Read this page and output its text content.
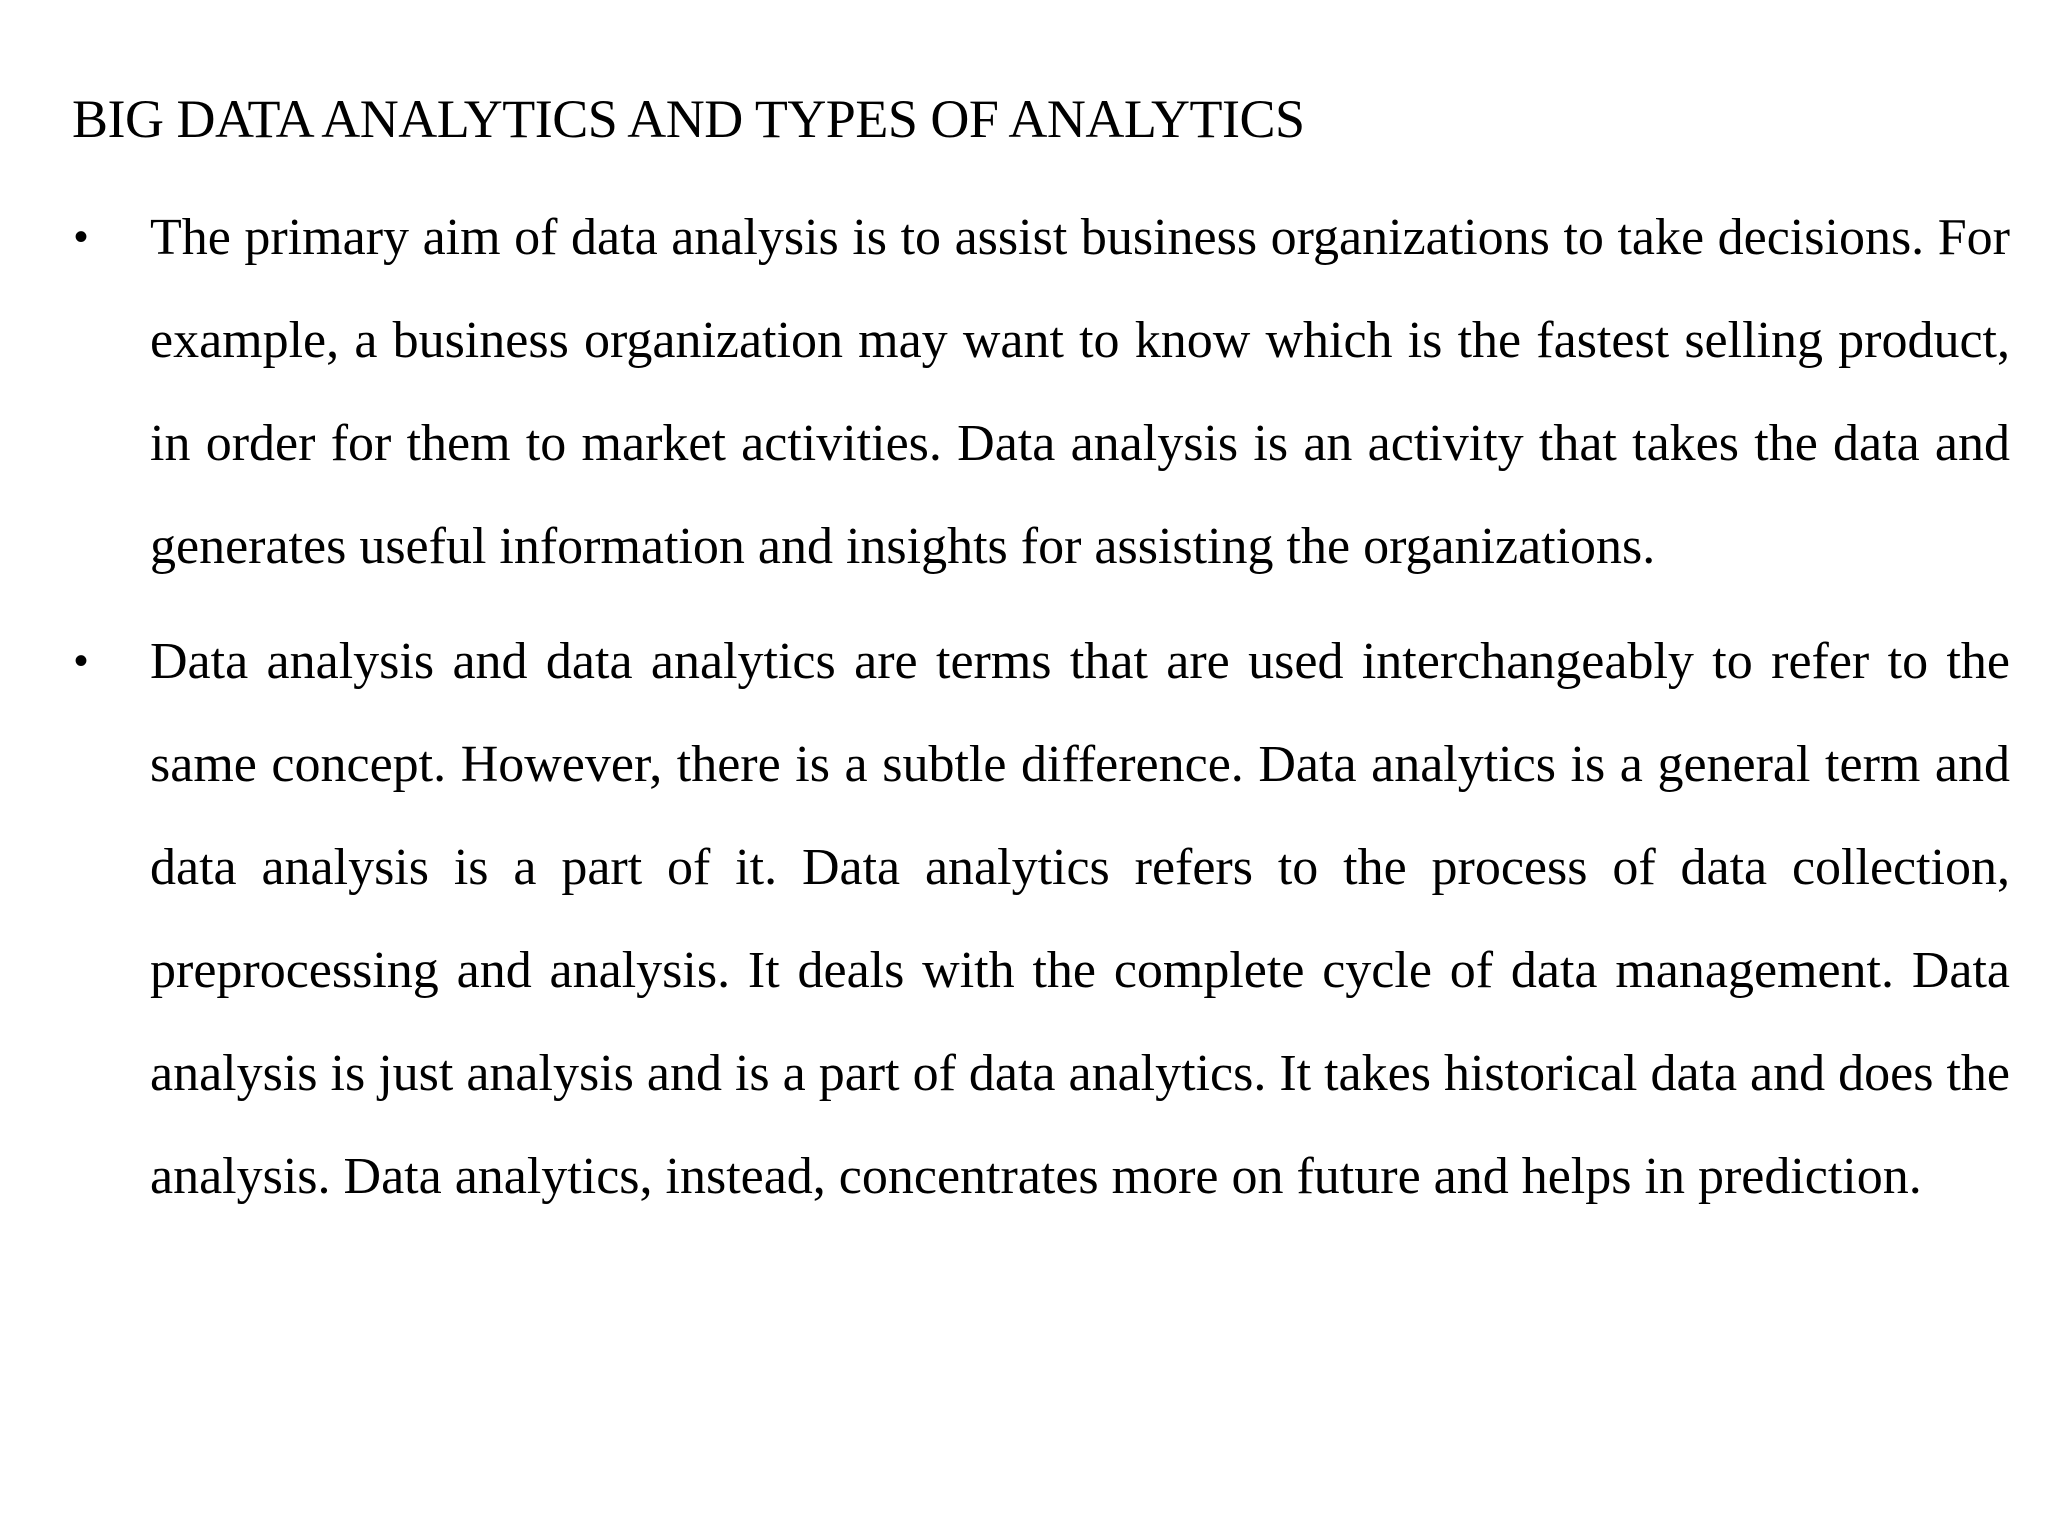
BIG DATA ANALYTICS AND TYPES OF ANALYTICS
• The primary aim of data analysis is to assist business organizations to take decisions. For example, a business organization may want to know which is the fastest selling product, in order for them to market activities. Data analysis is an activity that takes the data and generates useful information and insights for assisting the organizations.
• Data analysis and data analytics are terms that are used interchangeably to refer to the same concept. However, there is a subtle difference. Data analytics is a general term and data analysis is a part of it. Data analytics refers to the process of data collection, preprocessing and analysis. It deals with the complete cycle of data management. Data analysis is just analysis and is a part of data analytics. It takes historical data and does the analysis. Data analytics, instead, concentrates more on future and helps in prediction.
